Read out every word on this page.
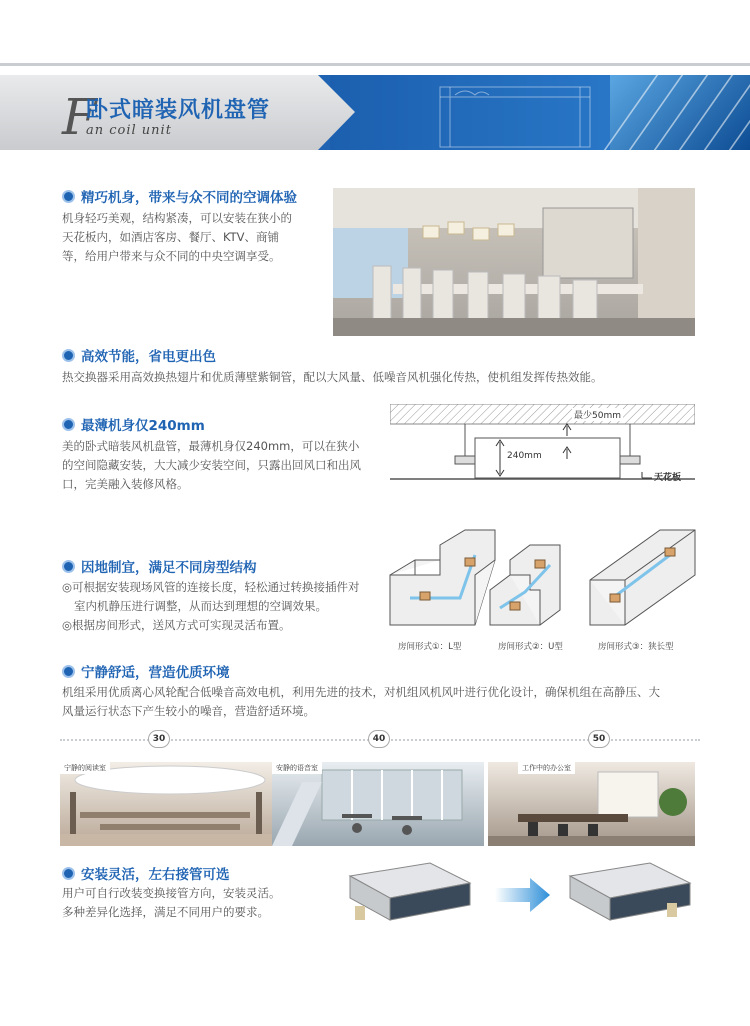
F
卧式暗装风机盘管
an coil unit
精巧机身，带来与众不同的空调体验
机身轻巧美观，结构紧凑，可以安装在狭小的
天花板内，如酒店客房、餐厅、KTV、商铺
等，给用户带来与众不同的中央空调享受。
高效节能，省电更出色
热交换器采用高效换热翅片和优质薄壁紫铜管，配以大风量、低噪音风机强化传热，使机组发挥传热效能。
最薄机身仅240mm
美的卧式暗装风机盘管，最薄机身仅240mm，可以在狭小
的空间隐藏安装，大大减少安装空间，只露出回风口和出风
口，完美融入装修风格。
最少50mm
240mm
天花板
因地制宜，满足不同房型结构
◎可根据安装现场风管的连接长度，轻松通过转换接插件对
室内机静压进行调整，从而达到理想的空调效果。
◎根据房间形式，送风方式可实现灵活布置。
房间形式①：L型	房间形式②：U型	房间形式③：狭长型
宁静舒适，营造优质环境
机组采用优质离心风轮配合低噪音高效电机，利用先进的技术，对机组风机风叶进行优化设计，确保机组在高静压、大
风量运行状态下产生较小的噪音，营造舒适环境。
30	40	50
宁静的阅读室	安静的语音室	工作中的办公室
安装灵活，左右接管可选
用户可自行改装变换接管方向，安装灵活。
多种差异化选择，满足不同用户的要求。
